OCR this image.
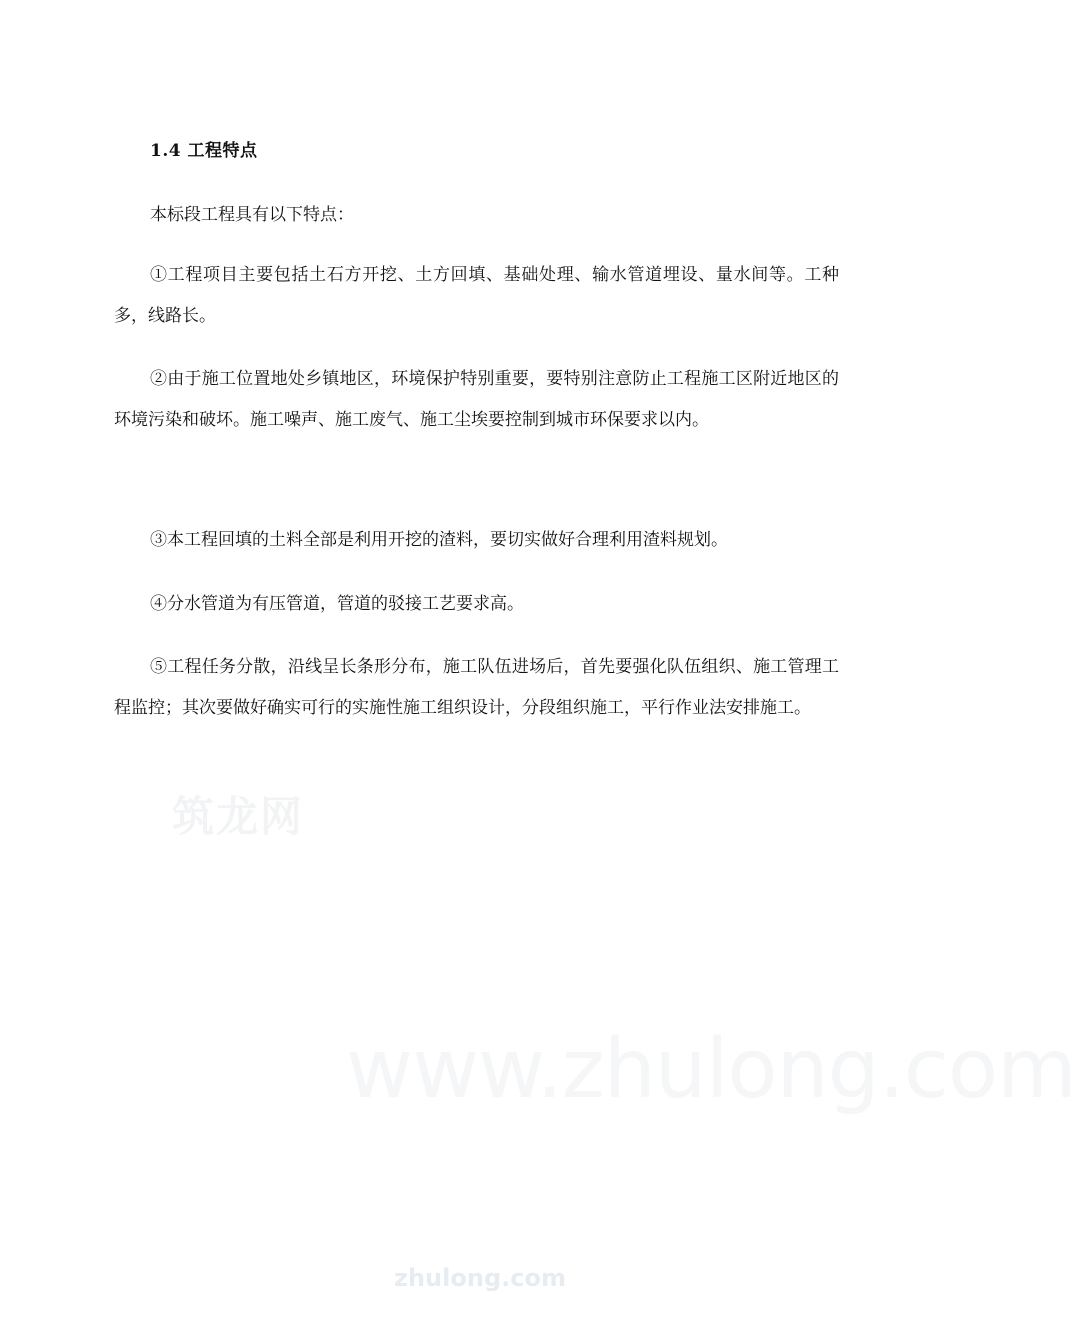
1.4 工程特点
本标段工程具有以下特点：

①工程项目主要包括土石方开挖、土方回填、基础处理、输水管道埋设、量水间等。工种多，线路长。

②由于施工位置地处乡镇地区，环境保护特别重要，要特别注意防止工程施工区附近地区的环境污染和破坏。施工噪声、施工废气、施工尘埃要控制到城市环保要求以内。

③本工程回填的土料全部是利用开挖的渣料，要切实做好合理利用渣料规划。

④分水管道为有压管道，管道的驳接工艺要求高。

⑤工程任务分散，沿线呈长条形分布，施工队伍进场后，首先要强化队伍组织、施工管理工程监控；其次要做好确实可行的实施性施工组织设计，分段组织施工，平行作业法安排施工。

筑龙网
www.zhulong.com
zhulong.com
